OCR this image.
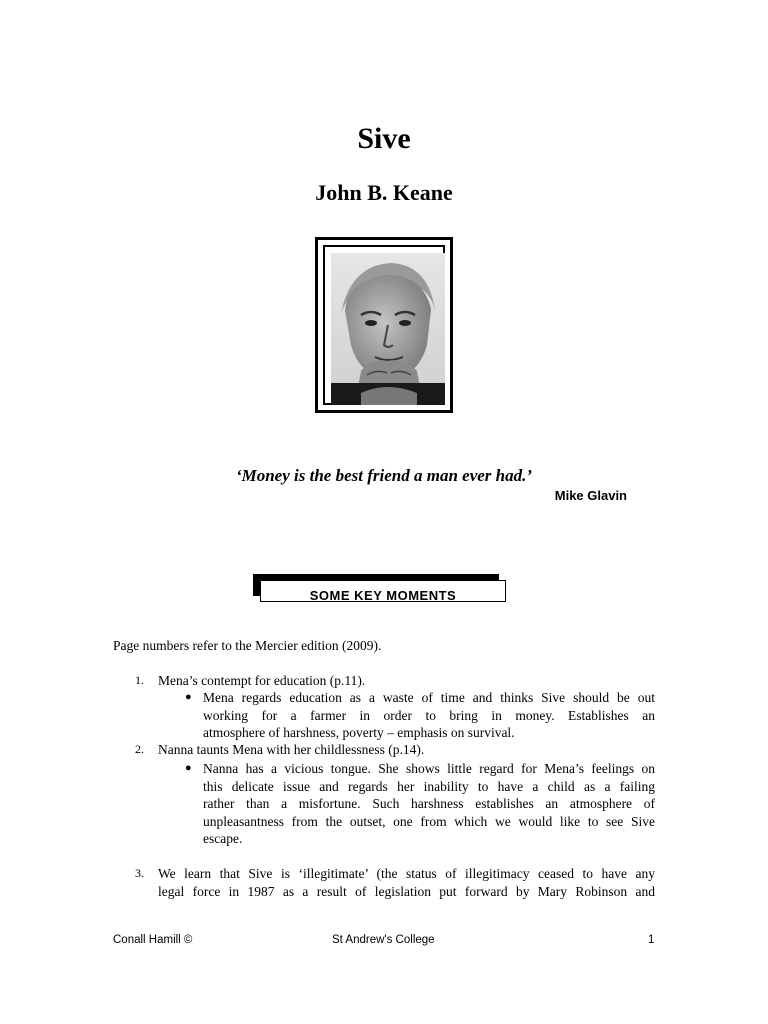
Sive
John B. Keane
‘Money is the best friend a man ever had.’
Mike Glavin
SOME KEY MOMENTS
Page numbers refer to the Mercier edition (2009).
1. Mena’s contempt for education (p.11).
● Mena regards education as a waste of time and thinks Sive should be out
working for a farmer in order to bring in money. Establishes an
atmosphere of harshness, poverty – emphasis on survival.
2. Nanna taunts Mena with her childlessness (p.14).
● Nanna has a vicious tongue. She shows little regard for Mena’s feelings on
this delicate issue and regards her inability to have a child as a failing
rather than a misfortune. Such harshness establishes an atmosphere of
unpleasantness from the outset, one from which we would like to see Sive
escape.
3. We learn that Sive is ‘illegitimate’ (the status of illegitimacy ceased to have any
legal force in 1987 as a result of legislation put forward by Mary Robinson and
Conall Hamill ©	St Andrew's College	1
